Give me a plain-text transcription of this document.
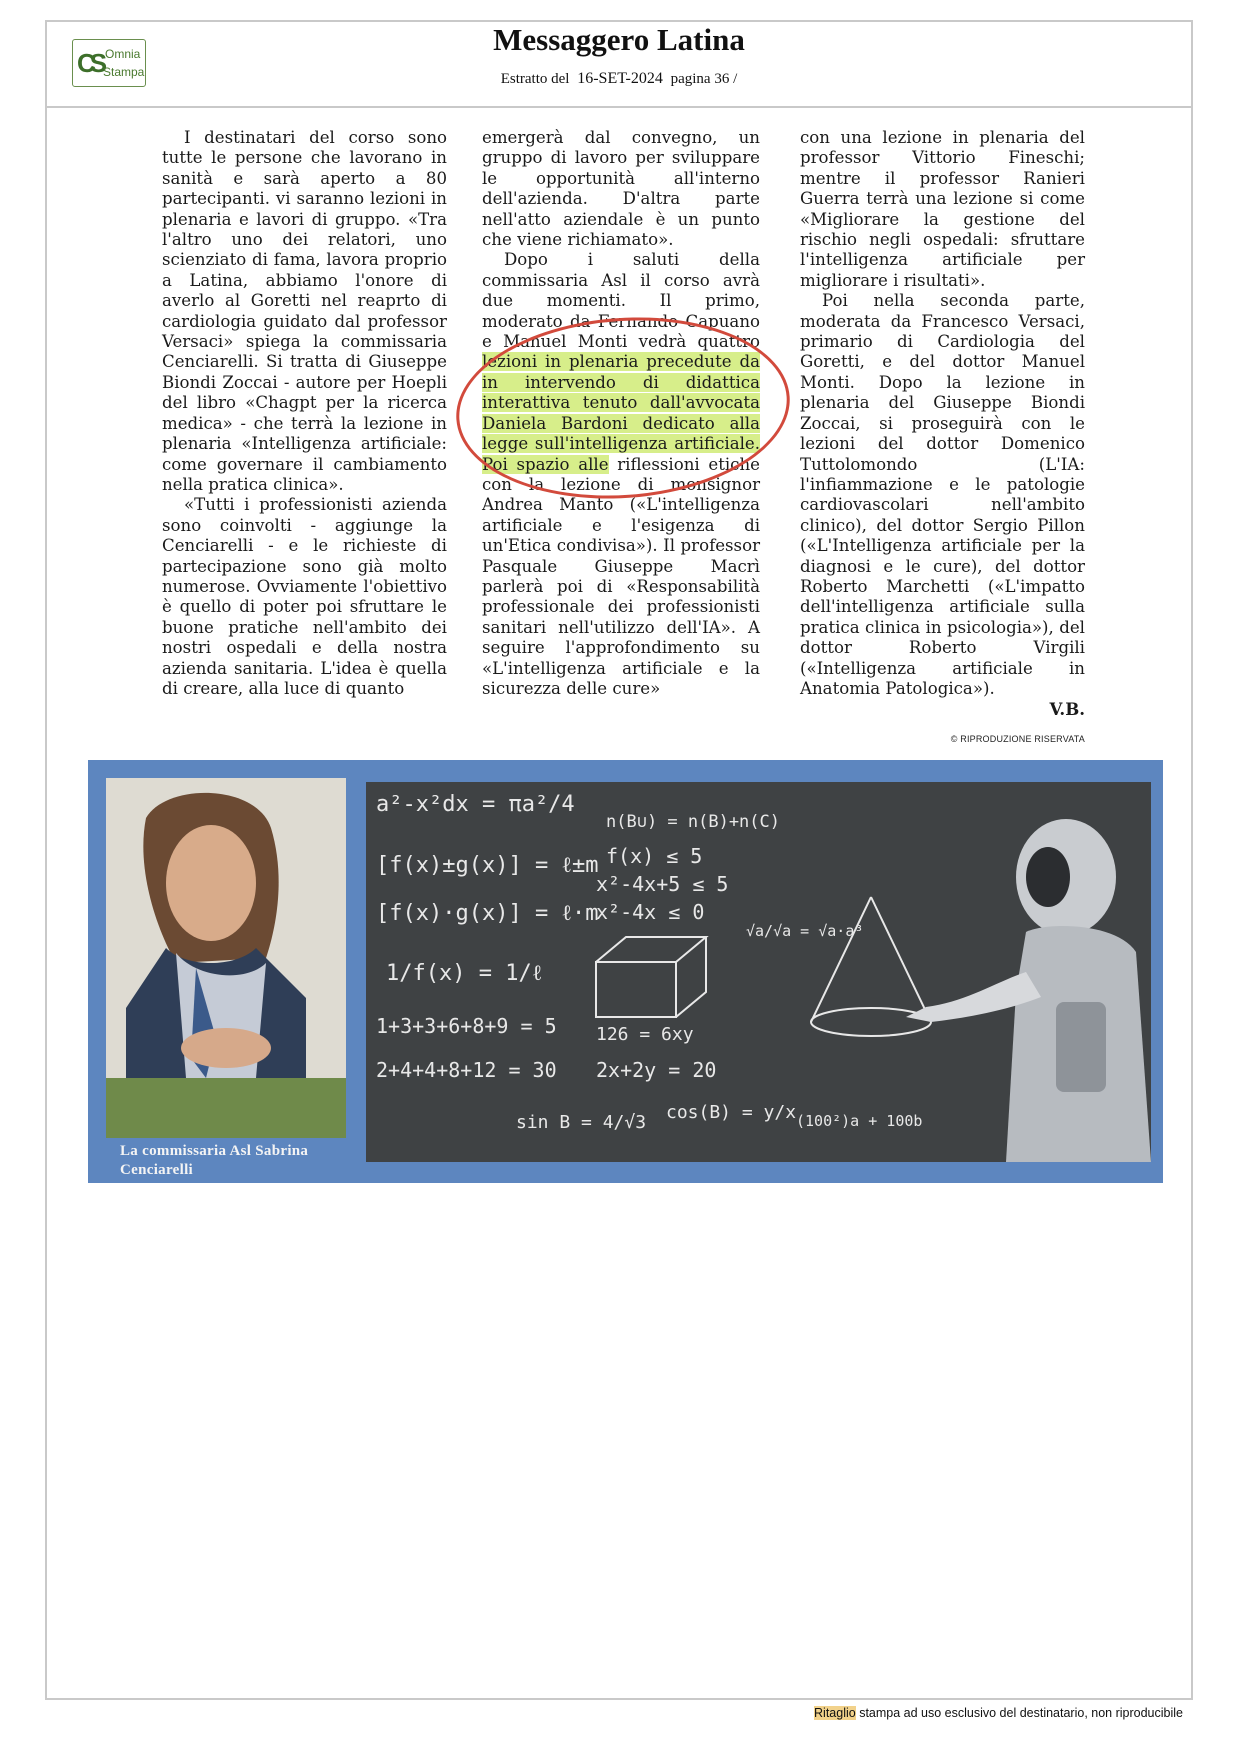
CS Omnia
Stampa
Messaggero Latina
Estratto del 16-SET-2024 pagina 36 /

I destinatari del corso sono tutte le persone che lavorano in sanità e sarà aperto a 80 partecipanti. vi saranno lezioni in plenaria e lavori di gruppo. «Tra l'altro uno dei relatori, uno scienziato di fama, lavora proprio a Latina, abbiamo l'onore di averlo al Goretti nel reaprto di cardiologia guidato dal professor Versaci» spiega la commissaria Cenciarelli. Si tratta di Giuseppe Biondi Zoccai - autore per Hoepli del libro «Chagpt per la ricerca medica» - che terrà la lezione in plenaria «Intelligenza artificiale: come governare il cambiamento nella pratica clinica».

«Tutti i professionisti azienda sono coinvolti - aggiunge la Cenciarelli - e le richieste di partecipazione sono già molto numerose. Ovviamente l'obiettivo è quello di poter poi sfruttare le buone pratiche nell'ambito dei nostri ospedali e della nostra azienda sanitaria. L'idea è quella di creare, alla luce di quanto

emergerà dal convegno, un gruppo di lavoro per sviluppare le opportunità all'interno dell'azienda. D'altra parte nell'atto aziendale è un punto che viene richiamato».

Dopo i saluti della commissaria Asl il corso avrà due momenti. Il primo, moderato da Fernando Capuano e Manuel Monti vedrà quattro lezioni in plenaria precedute da in intervendo di didattica interattiva tenuto dall'avvocata Daniela Bardoni dedicato alla legge sull'intelligenza artificiale. Poi spazio alle riflessioni etiche con la lezione di monsignor Andrea Manto («L'intelligenza artificiale e l'esigenza di un'Etica condivisa»). Il professor Pasquale Giuseppe Macrì parlerà poi di «Responsabilità professionale dei professionisti sanitari nell'utilizzo dell'IA». A seguire l'approfondimento su «L'intelligenza artificiale e la sicurezza delle cure»

con una lezione in plenaria del professor Vittorio Fineschi; mentre il professor Ranieri Guerra terrà una lezione si come «Migliorare la gestione del rischio negli ospedali: sfruttare l'intelligenza artificiale per migliorare i risultati».

Poi nella seconda parte, moderata da Francesco Versaci, primario di Cardiologia del Goretti, e del dottor Manuel Monti. Dopo la lezione in plenaria del Giuseppe Biondi Zoccai, si proseguirà con le lezioni del dottor Domenico Tuttolomondo (L'IA: l'infiammazione e le patologie cardiovascolari nell'ambito clinico), del dottor Sergio Pillon («L'Intelligenza artificiale per la diagnosi e le cure), del dottor Roberto Marchetti («L'impatto dell'intelligenza artificiale sulla pratica clinica in psicologia»), del dottor Roberto Virgili («Intelligenza artificiale in Anatomia Patologica»).

V.B.

© RIPRODUZIONE RISERVATA
La commissaria Asl Sabrina
Cenciarelli
a²-x²dx = πa²/4
n(B∪) = n(B)+n(C)
[f(x)±g(x)] = ℓ±m f(x) ≤ 5
x²-4x+5 ≤ 5
[f(x)·g(x)] = ℓ·m
x²-4x ≤ 0
√a/√a = √a·a³
1/f(x) = 1/ℓ
1+3+3+6+8+9 = 5 126 = 6xy
2+4+4+8+12 = 30 2x+2y = 20
sin B = 4/√3 cos(B) = y/x (100²)a + 100b
Ritaglio stampa ad uso esclusivo del destinatario, non riproducibile
